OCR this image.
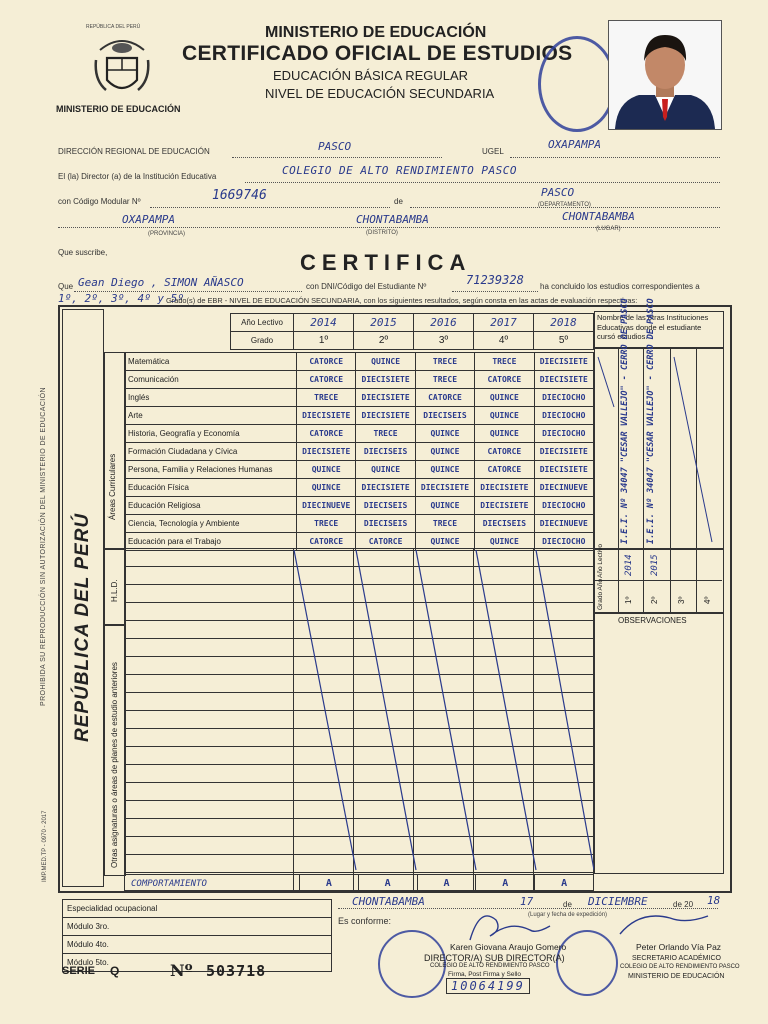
REPÚBLICA DEL PERÚ
MINISTERIO DE EDUCACIÓN
MINISTERIO DE EDUCACIÓN
CERTIFICADO OFICIAL DE ESTUDIOS
EDUCACIÓN BÁSICA REGULAR
NIVEL DE EDUCACIÓN SECUNDARIA
DIRECCIÓN REGIONAL DE EDUCACIÓN	PASCO	UGEL
OXAPAMPA
El (la) Director (a) de la Institución Educativa	COLEGIO DE ALTO RENDIMIENTO PASCO
con Código Modular Nº	1669746	de
PASCO
(DEPARTAMENTO)
OXAPAMPA
(PROVINCIA)
CHONTABAMBA
(DISTRITO)
CHONTABAMBA
(LUGAR)
Que suscribe,	CERTIFICA
Que Gean Diego , SIMON AÑASCO	con DNI/Código del Estudiante Nº	71239328 ha concluido los estudios correspondientes a
1º, 2º, 3º, 4º y 5º
Grado(s) de EBR - NIVEL DE EDUCACIÓN SECUNDARIA, con los siguientes resultados, según consta en las actas de evaluación respectivas:
PROHIBIDA SU REPRODUCCIÓN SIN AUTORIZACIÓN DEL MINISTERIO DE EDUCACIÓN
IMP.MED.TP - 0970 - 2017
REPÚBLICA DEL PERÚ
Año Lectivo	2014	2015	2016	2017	2018
Grado	1º	2º	3º	4º	5º
Nombre de las otras Instituciones Educativas donde el estudiante cursó estudios.
Áreas Curriculares
Matemática	CATORCE	QUINCE	TRECE	TRECE	DIECISIETE
Comunicación	CATORCE	DIECISIETE	TRECE	CATORCE	DIECISIETE
Inglés	TRECE	DIECISIETE	CATORCE	QUINCE	DIECIOCHO
Arte	DIECISIETE	DIECISIETE	DIECISEIS	QUINCE	DIECIOCHO
Historia, Geografía y Economía	CATORCE	TRECE	QUINCE	QUINCE	DIECIOCHO
Formación Ciudadana y Cívica	DIECISIETE	DIECISEIS	QUINCE	CATORCE	DIECISIETE
Persona, Familia y Relaciones Humanas	QUINCE	QUINCE	QUINCE	CATORCE	DIECISIETE
Educación Física	QUINCE	DIECISIETE	DIECISIETE	DIECISIETE	DIECINUEVE
Educación Religiosa	DIECINUEVE	DIECISEIS	QUINCE	DIECISIETE	DIECIOCHO
Ciencia, Tecnología y Ambiente	TRECE	DIECISEIS	TRECE	DIECISEIS	DIECINUEVE
Educación para el Trabajo	CATORCE	CATORCE	QUINCE	QUINCE	DIECIOCHO	I.E.I. Nº 34047 "CESAR VALLEJO" - CERRO DE PASCO I.E.I. Nº 34047 "CESAR VALLEJO" - CERRO DE PASCO
Año Lectivo
Grado Año
2014 2015
1º 2º 3º 4º
OBSERVACIONES
H.L.D.
Otras asignaturas o áreas de planes de estudio anteriores

COMPORTAMIENTO	A	A	A	A	A
Especialidad ocupacional
Módulo 3ro.
Módulo 4to.
Módulo 5to.
CHONTABAMBA	17	de DICIEMBRE	de 20 18
(Lugar y fecha de expedición)
Es conforme:
Karen Giovana Araujo Gomero
DIRECTOR/A) SUB DIRECTOR(A)
COLEGIO DE ALTO RENDIMIENTO PASCO
Firma, Post Firma y Sello
10064199
Peter Orlando Vía Paz
SECRETARIO ACADÉMICO
COLEGIO DE ALTO RENDIMIENTO PASCO
MINISTERIO DE EDUCACIÓN
SERIE Q	Nº 503718
